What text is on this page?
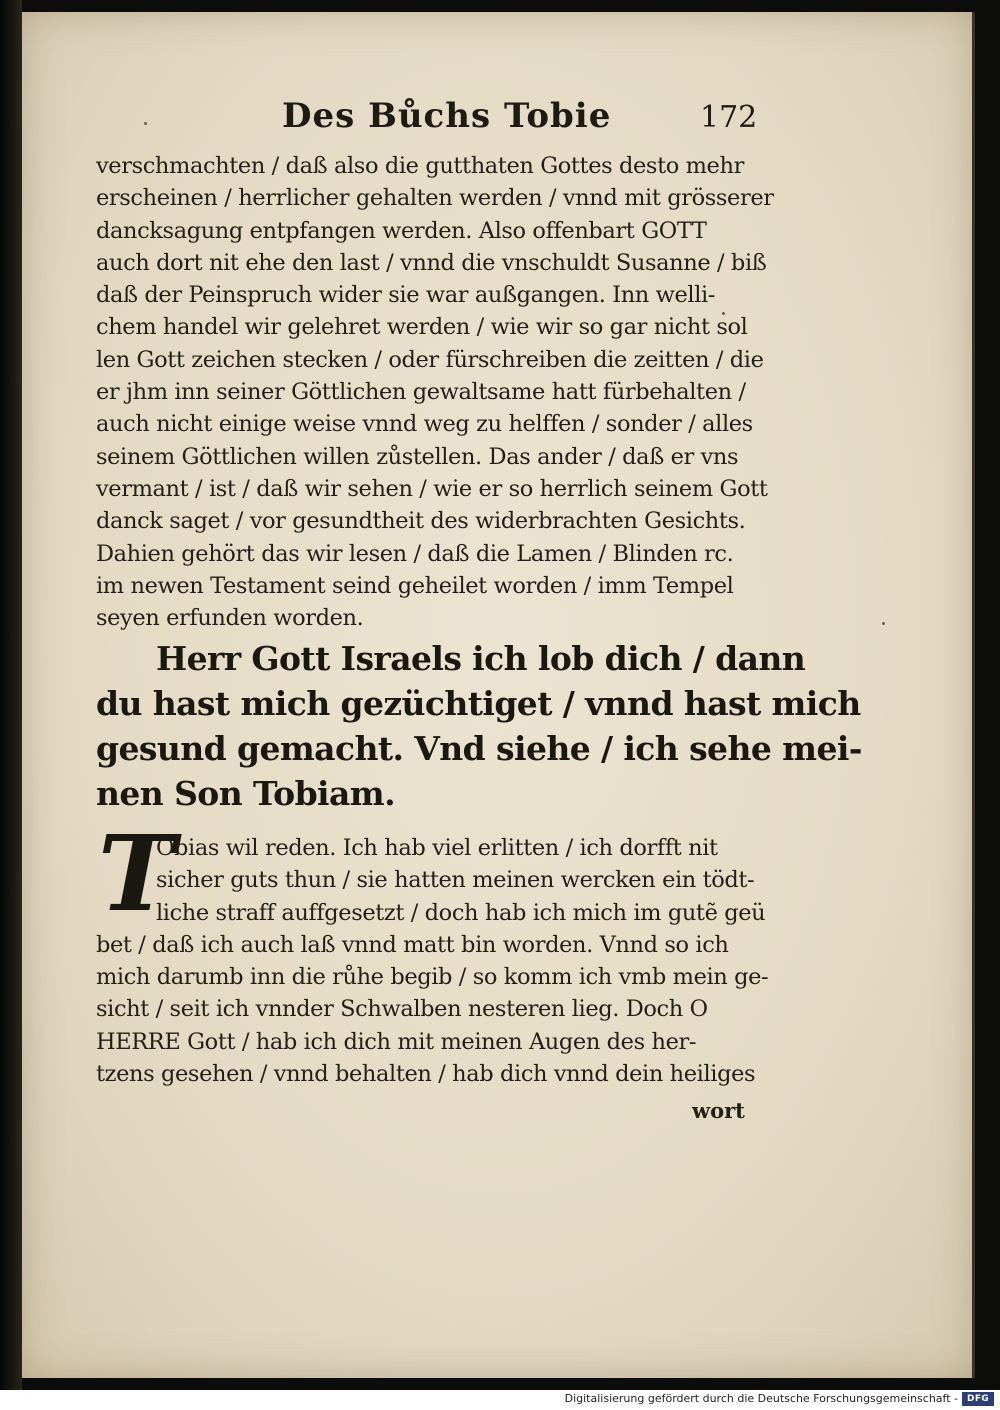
Des Bůchs Tobie	172
verschmachten / daß also die gutthaten Gottes desto mehr
erscheinen / herrlicher gehalten werden / vnnd mit grösserer
dancksagung entpfangen werden. Also offenbart GOTT
auch dort nit ehe den last / vnnd die vnschuldt Susanne / biß
daß der Peinspruch wider sie war außgangen. Inn welli-
chem handel wir gelehret werden / wie wir so gar nicht sol
len Gott zeichen stecken / oder fürschreiben die zeitten / die
er jhm inn seiner Göttlichen gewaltsame hatt fürbehalten /
auch nicht einige weise vnnd weg zu helffen / sonder / alles
seinem Göttlichen willen zůstellen. Das ander / daß er vns
vermant / ist / daß wir sehen / wie er so herrlich seinem Gott
danck saget / vor gesundtheit des widerbrachten Gesichts.
Dahien gehört das wir lesen / daß die Lamen / Blinden rc.
im newen Testament seind geheilet worden / imm Tempel
seyen erfunden worden.
Herr Gott Israels ich lob dich / dann
du hast mich gezüchtiget / vnnd hast mich
gesund gemacht. Vnd siehe / ich sehe mei-
nen Son Tobiam.
T
Obias wil reden. Ich hab viel erlitten / ich dorfft nit
sicher guts thun / sie hatten meinen wercken ein tödt-
liche straff auffgesetzt / doch hab ich mich im gutẽ geü
bet / daß ich auch laß vnnd matt bin worden. Vnnd so ich
mich darumb inn die růhe begib / so komm ich vmb mein ge-
sicht / seit ich vnnder Schwalben nesteren lieg. Doch O
HERRE Gott / hab ich dich mit meinen Augen des her-
tzens gesehen / vnnd behalten / hab dich vnnd dein heiliges
wort
Digitalisierung gefördert durch die Deutsche Forschungsgemeinschaft -	DFG
